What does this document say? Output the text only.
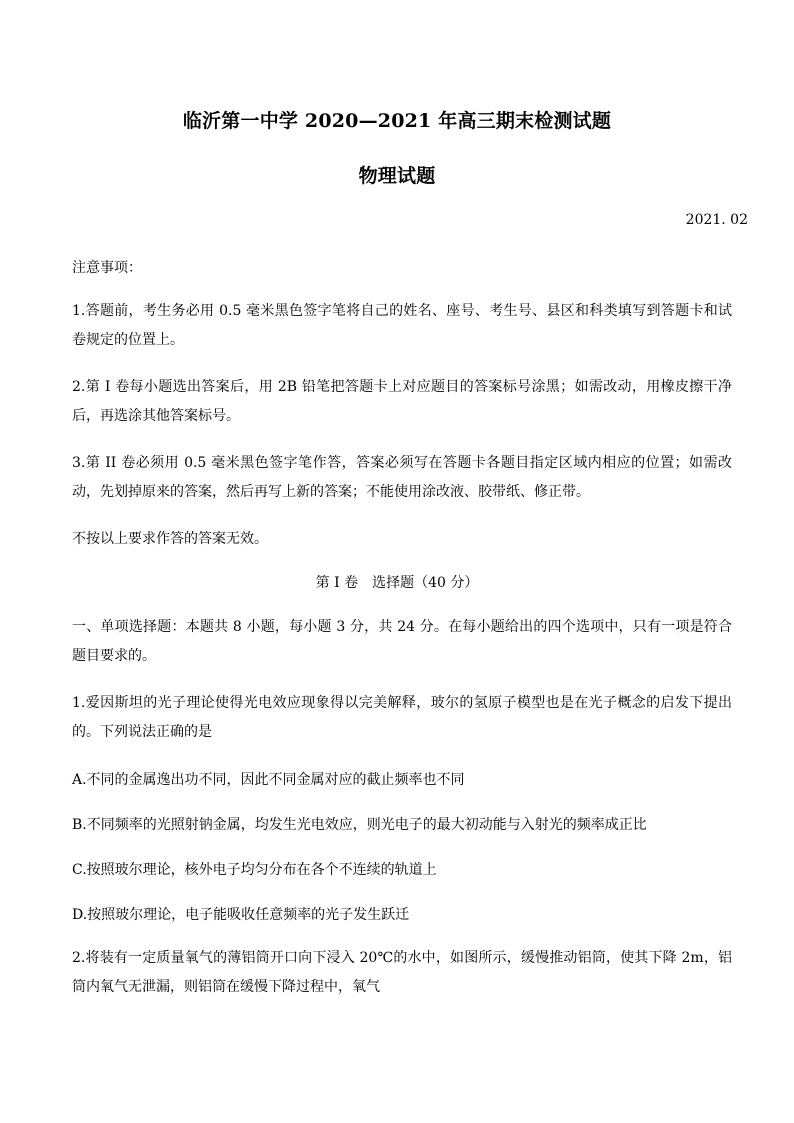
临沂第一中学 2020—2021 年高三期末检测试题
物理试题
2021. 02
注意事项：
1.答题前，考生务必用 0.5 毫米黑色签字笔将自己的姓名、座号、考生号、县区和科类填写到答题卡和试卷规定的位置上。
2.第 I 卷每小题选出答案后，用 2B 铅笔把答题卡上对应题目的答案标号涂黑；如需改动，用橡皮擦干净后，再选涂其他答案标号。
3.第 II 卷必须用 0.5 毫米黑色签字笔作答，答案必须写在答题卡各题目指定区域内相应的位置；如需改动，先划掉原来的答案，然后再写上新的答案；不能使用涂改液、胶带纸、修正带。
不按以上要求作答的答案无效。
第 I 卷　选择题（40 分）
一、单项选择题：本题共 8 小题，每小题 3 分，共 24 分。在每小题给出的四个选项中，只有一项是符合题目要求的。
1.爱因斯坦的光子理论使得光电效应现象得以完美解释，玻尔的氢原子模型也是在光子概念的启发下提出的。下列说法正确的是
A.不同的金属逸出功不同，因此不同金属对应的截止频率也不同
B.不同频率的光照射钠金属，均发生光电效应，则光电子的最大初动能与入射光的频率成正比
C.按照玻尔理论，核外电子均匀分布在各个不连续的轨道上
D.按照玻尔理论，电子能吸收任意频率的光子发生跃迁
2.将装有一定质量氧气的薄铝筒开口向下浸入 20℃的水中，如图所示，缓慢推动铝筒，使其下降 2m，铝筒内氧气无泄漏，则铝筒在缓慢下降过程中，氧气
